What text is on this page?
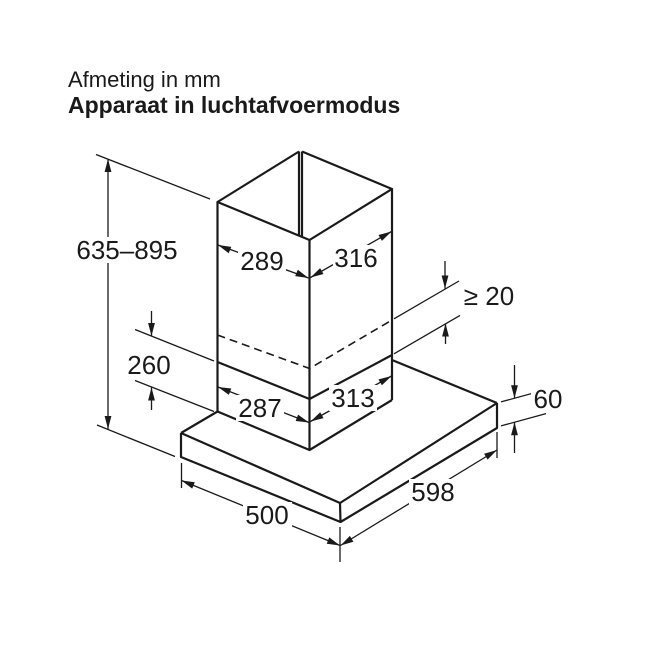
Afmeting in mm
Apparaat in luchtafvoermodus
635–895 289 316
287 313
260
≥ 20
60
500
598
